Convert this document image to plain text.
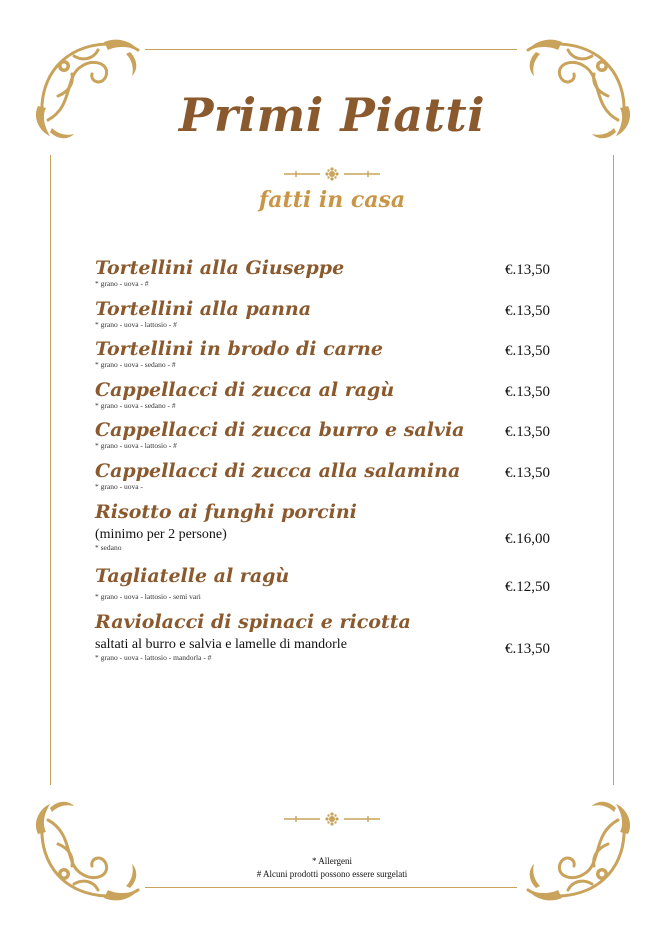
Primi Piatti
fatti in casa
Tortellini alla Giuseppe
* grano - uova - #
€.13,50
Tortellini alla panna
* grano - uova - lattosio - #
€.13,50
Tortellini in brodo di carne
* grano - uova - sedano - #
€.13,50
Cappellacci di zucca al ragù
* grano - uova - sedano - #
€.13,50
Cappellacci di zucca burro e salvia
* grano - uova - lattosio - #
€.13,50
Cappellacci di zucca alla salamina
* grano - uova -
€.13,50
Risotto ai funghi porcini
(minimo per 2 persone)
* sedano
€.16,00
Tagliatelle al ragù
* grano - uova - lattosio - semi vari
€.12,50
Raviolacci di spinaci e ricotta
saltati al burro e salvia e lamelle di mandorle
* grano - uova - lattosio - mandorla - #
€.13,50
* Allergeni
# Alcuni prodotti possono essere surgelati
